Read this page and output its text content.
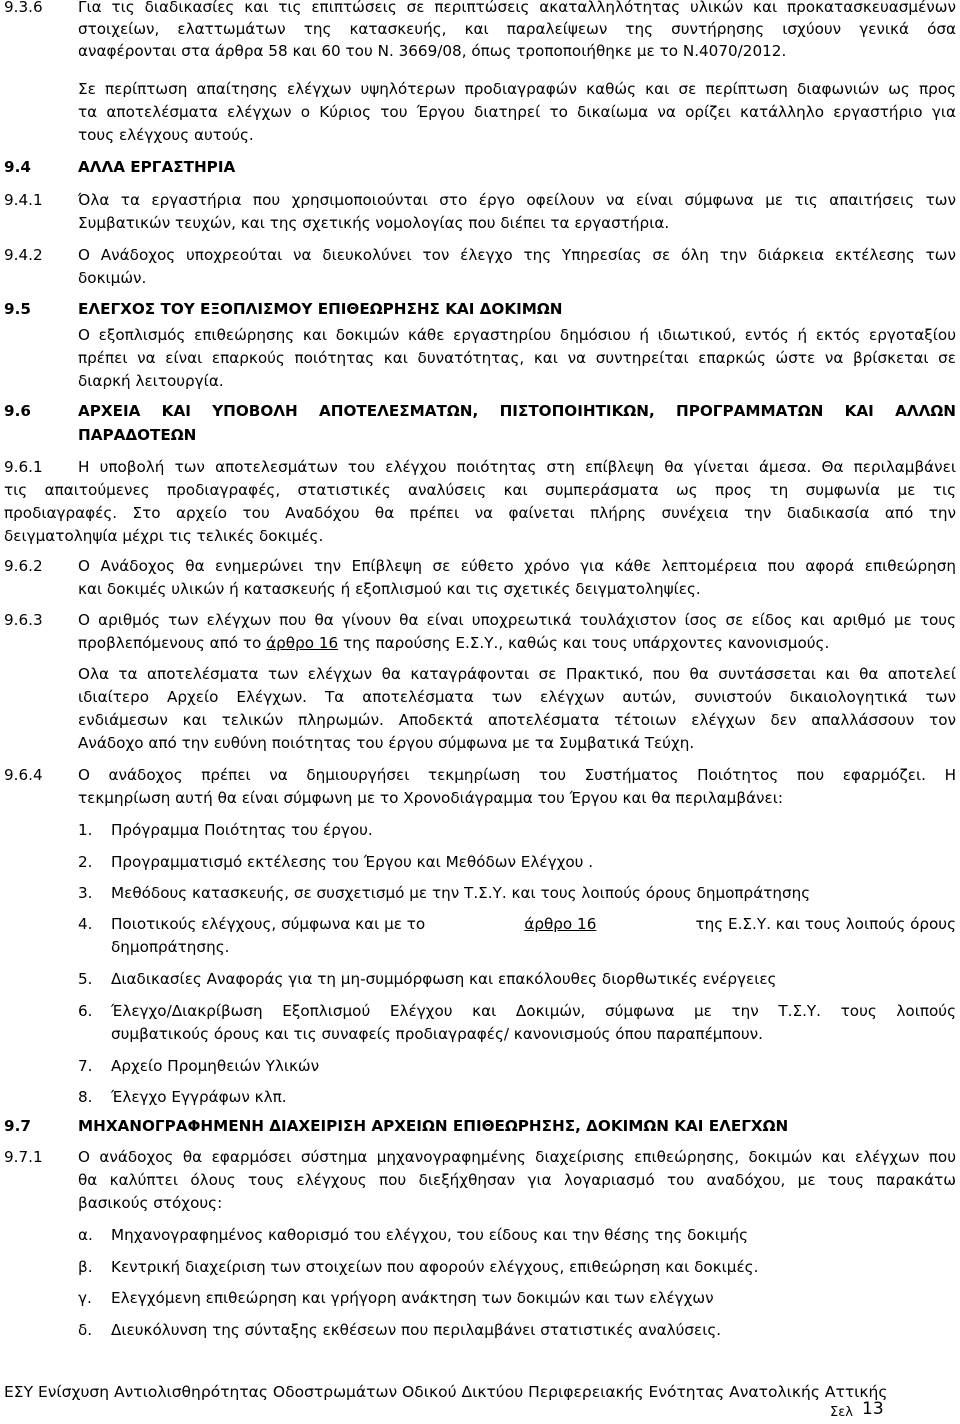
9.3.6 Για τις διαδικασίες και τις επιπτώσεις σε περιπτώσεις ακαταλληλότητας υλικών και προκατασκευασμένων
στοιχείων, ελαττωμάτων της κατασκευής, και παραλείψεων της συντήρησης ισχύουν γενικά όσα
αναφέρονται στα άρθρα 58 και 60 του Ν. 3669/08, όπως τροποποιήθηκε με το Ν.4070/2012.
Σε περίπτωση απαίτησης ελέγχων υψηλότερων προδιαγραφών καθώς και σε περίπτωση διαφωνιών ως προς
τα αποτελέσματα ελέγχων ο Κύριος του Έργου διατηρεί το δικαίωμα να ορίζει κατάλληλο εργαστήριο για
τους ελέγχους αυτούς.
9.4	ΑΛΛΑ ΕΡΓΑΣΤΗΡΙΑ
9.4.1 Όλα τα εργαστήρια που χρησιμοποιούνται στο έργο οφείλουν να είναι σύμφωνα με τις απαιτήσεις των
Συμβατικών τευχών, και της σχετικής νομολογίας που διέπει τα εργαστήρια.
9.4.2 Ο Ανάδοχος υποχρεούται να διευκολύνει τον έλεγχο της Υπηρεσίας σε όλη την διάρκεια εκτέλεσης των
δοκιμών.
9.5	ΕΛΕΓΧΟΣ ΤΟΥ ΕΞΟΠΛΙΣΜΟΥ ΕΠΙΘΕΩΡΗΣΗΣ ΚΑΙ ΔΟΚΙΜΩΝ
Ο εξοπλισμός επιθεώρησης και δοκιμών κάθε εργαστηρίου δημόσιου ή ιδιωτικού, εντός ή εκτός εργοταξίου
πρέπει να είναι επαρκούς ποιότητας και δυνατότητας, και να συντηρείται επαρκώς ώστε να βρίσκεται σε
διαρκή λειτουργία.
9.6	ΑΡΧΕΙΑ ΚΑΙ ΥΠΟΒΟΛΗ ΑΠΟΤΕΛΕΣΜΑΤΩΝ, ΠΙΣΤΟΠΟΙΗΤΙΚΩΝ, ΠΡΟΓΡΑΜΜΑΤΩΝ ΚΑΙ ΑΛΛΩΝ
ΠΑΡΑΔΟΤΕΩΝ
9.6.1 Η υποβολή των αποτελεσμάτων του ελέγχου ποιότητας στη επίβλεψη θα γίνεται άμεσα. Θα περιλαμβάνει
τις απαιτούμενες προδιαγραφές, στατιστικές αναλύσεις και συμπεράσματα ως προς τη συμφωνία με τις
προδιαγραφές. Στο αρχείο του Αναδόχου θα πρέπει να φαίνεται πλήρης συνέχεια την διαδικασία από την
δειγματοληψία μέχρι τις τελικές δοκιμές.
9.6.2 Ο Ανάδοχος θα ενημερώνει την Επίβλεψη σε εύθετο χρόνο για κάθε λεπτομέρεια που αφορά επιθεώρηση
και δοκιμές υλικών ή κατασκευής ή εξοπλισμού και τις σχετικές δειγματοληψίες.
9.6.3 Ο αριθμός των ελέγχων που θα γίνουν θα είναι υποχρεωτικά τουλάχιστον ίσος σε είδος και αριθμό με τους
προβλεπόμενους από το άρθρο 16 της παρούσης Ε.Σ.Υ., καθώς και τους υπάρχοντες κανονισμούς.
Ολα τα αποτελέσματα των ελέγχων θα καταγράφονται σε Πρακτικό, που θα συντάσσεται και θα αποτελεί
ιδιαίτερο Αρχείο Ελέγχων. Τα αποτελέσματα των ελέγχων αυτών, συνιστούν δικαιολογητικά των
ενδιάμεσων και τελικών πληρωμών. Αποδεκτά αποτελέσματα τέτοιων ελέγχων δεν απαλλάσσουν τον
Ανάδοχο από την ευθύνη ποιότητας του έργου σύμφωνα με τα Συμβατικά Τεύχη.
9.6.4 Ο ανάδοχος πρέπει να δημιουργήσει τεκμηρίωση του Συστήματος Ποιότητος που εφαρμόζει. Η
τεκμηρίωση αυτή θα είναι σύμφωνη με το Χρονοδιάγραμμα του Έργου και θα περιλαμβάνει:
1. Πρόγραμμα Ποιότητας του έργου.
2. Προγραμματισμό εκτέλεσης του Έργου και Μεθόδων Ελέγχου .
3. Μεθόδους κατασκευής, σε συσχετισμό με την Τ.Σ.Υ. και τους λοιπούς όρους δημοπράτησης
4. Ποιοτικούς ελέγχους, σύμφωνα και με το	άρθρο 16	της Ε.Σ.Υ. και τους λοιπούς όρους
δημοπράτησης.
5. Διαδικασίες Αναφοράς για τη μη-συμμόρφωση και επακόλουθες διορθωτικές ενέργειες
6. Έλεγχο/Διακρίβωση Εξοπλισμού Ελέγχου και Δοκιμών, σύμφωνα με την Τ.Σ.Υ. τους λοιπούς
συμβατικούς όρους και τις συναφείς προδιαγραφές/ κανονισμούς όπου παραπέμπουν.
7. Αρχείο Προμηθειών Υλικών
8. Έλεγχο Εγγράφων κλπ.
9.7	ΜΗΧΑΝΟΓΡΑΦΗΜΕΝΗ ΔΙΑΧΕΙΡΙΣΗ ΑΡΧΕΙΩΝ ΕΠΙΘΕΩΡΗΣΗΣ, ΔΟΚΙΜΩΝ ΚΑΙ ΕΛΕΓΧΩΝ
9.7.1 Ο ανάδοχος θα εφαρμόσει σύστημα μηχανογραφημένης διαχείρισης επιθεώρησης, δοκιμών και ελέγχων που
θα καλύπτει όλους τους ελέγχους που διεξήχθησαν για λογαριασμό του αναδόχου, με τους παρακάτω
βασικούς στόχους:
α. Μηχανογραφημένος καθορισμό του ελέγχου, του είδους και την θέσης της δοκιμής
β. Κεντρική διαχείριση των στοιχείων που αφορούν ελέγχους, επιθεώρηση και δοκιμές.
γ. Ελεγχόμενη επιθεώρηση και γρήγορη ανάκτηση των δοκιμών και των ελέγχων
δ. Διευκόλυνση της σύνταξης εκθέσεων που περιλαμβάνει στατιστικές αναλύσεις.
ΕΣΥ Ενίσχυση Αντιολισθηρότητας Οδοστρωμάτων Οδικού Δικτύου Περιφερειακής Ενότητας Ανατολικής Αττικής
Σελ 13
